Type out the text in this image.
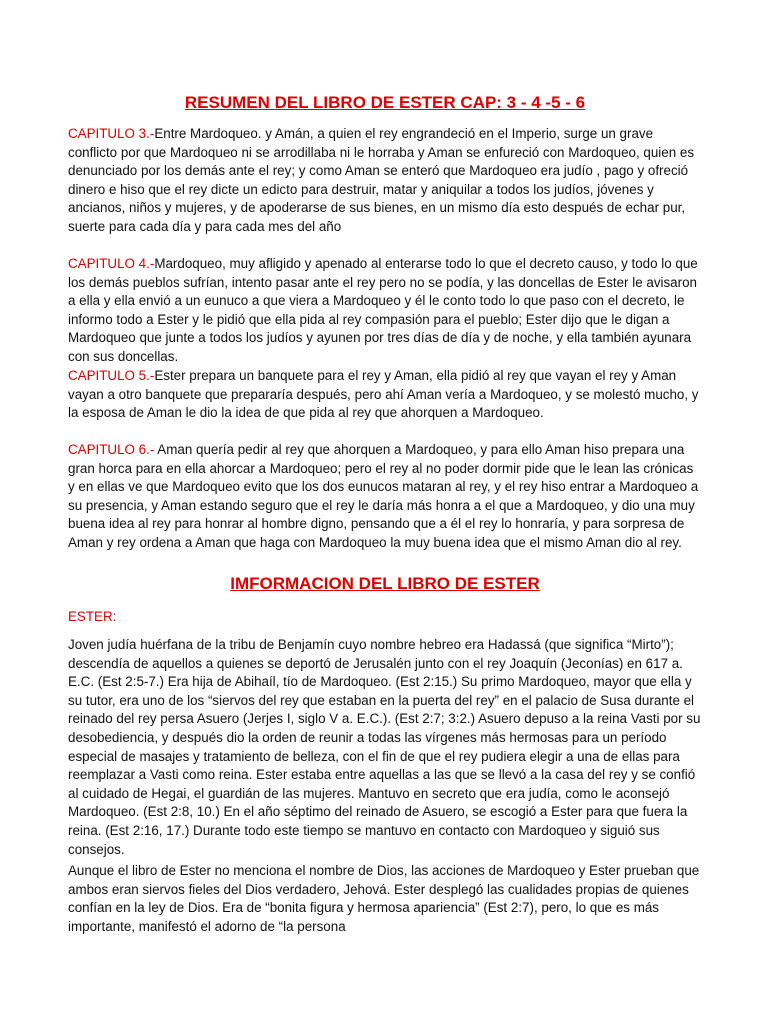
RESUMEN DEL LIBRO DE ESTER CAP: 3 - 4 -5 - 6

CAPITULO 3.-Entre Mardoqueo. y Amán, a quien el rey engrandeció en el Imperio, surge un grave conflicto por que Mardoqueo ni se arrodillaba ni le horraba y Aman se enfureció con Mardoqueo, quien es denunciado por los demás ante el rey; y como Aman se enteró que Mardoqueo era judío , pago y ofreció dinero e hiso que el rey dicte un edicto para destruir, matar y aniquilar a todos los judíos, jóvenes y ancianos, niños y mujeres, y de apoderarse de sus bienes, en un mismo día esto después de echar pur, suerte para cada día y para cada mes del año

CAPITULO 4.-Mardoqueo, muy afligido y apenado al enterarse todo lo que el decreto causo, y todo lo que los demás pueblos sufrían, intento pasar ante el rey pero no se podía, y las doncellas de Ester le avisaron a ella y ella envió a un eunuco a que viera a Mardoqueo y él le conto todo lo que paso con el decreto, le informo todo a Ester y le pidió que ella pida al rey compasión para el pueblo; Ester dijo que le digan a Mardoqueo que junte a todos los judíos y ayunen por tres días de día y de noche, y ella también ayunara con sus doncellas.

CAPITULO 5.-Ester prepara un banquete para el rey y Aman, ella pidió al rey que vayan el rey y Aman vayan a otro banquete que prepararía después, pero ahí Aman vería a Mardoqueo, y se molestó mucho, y la esposa de Aman le dio la idea de que pida al rey que ahorquen a Mardoqueo.

CAPITULO 6.- Aman quería pedir al rey que ahorquen a Mardoqueo, y para ello Aman hiso prepara una gran horca para en ella ahorcar a Mardoqueo; pero el rey al no poder dormir pide que le lean las crónicas y en ellas ve que Mardoqueo evito que los dos eunucos mataran al rey, y el rey hiso entrar a Mardoqueo a su presencia, y Aman estando seguro que el rey le daría más honra a el que a Mardoqueo, y dio una muy buena idea al rey para honrar al hombre digno, pensando que a él el rey lo honraría, y para sorpresa de Aman y rey ordena a Aman que haga con Mardoqueo la muy buena idea que el mismo Aman dio al rey.

IMFORMACION DEL LIBRO DE ESTER
ESTER:

Joven judía huérfana de la tribu de Benjamín cuyo nombre hebreo era Hadassá (que significa “Mirto”); descendía de aquellos a quienes se deportó de Jerusalén junto con el rey Joaquín (Jeconías) en 617 a. E.C. (Est 2:5-7.) Era hija de Abihaíl, tío de Mardoqueo. (Est 2:15.) Su primo Mardoqueo, mayor que ella y su tutor, era uno de los “siervos del rey que estaban en la puerta del rey” en el palacio de Susa durante el reinado del rey persa Asuero (Jerjes I, siglo V a. E.C.). (Est 2:7; 3:2.) Asuero depuso a la reina Vasti por su desobediencia, y después dio la orden de reunir a todas las vírgenes más hermosas para un período especial de masajes y tratamiento de belleza, con el fin de que el rey pudiera elegir a una de ellas para reemplazar a Vasti como reina. Ester estaba entre aquellas a las que se llevó a la casa del rey y se confió al cuidado de Hegai, el guardián de las mujeres. Mantuvo en secreto que era judía, como le aconsejó Mardoqueo. (Est 2:8, 10.) En el año séptimo del reinado de Asuero, se escogió a Ester para que fuera la reina. (Est 2:16, 17.) Durante todo este tiempo se mantuvo en contacto con Mardoqueo y siguió sus consejos.

Aunque el libro de Ester no menciona el nombre de Dios, las acciones de Mardoqueo y Ester prueban que ambos eran siervos fieles del Dios verdadero, Jehová. Ester desplegó las cualidades propias de quienes confían en la ley de Dios. Era de “bonita figura y hermosa apariencia” (Est 2:7), pero, lo que es más importante, manifestó el adorno de “la persona
